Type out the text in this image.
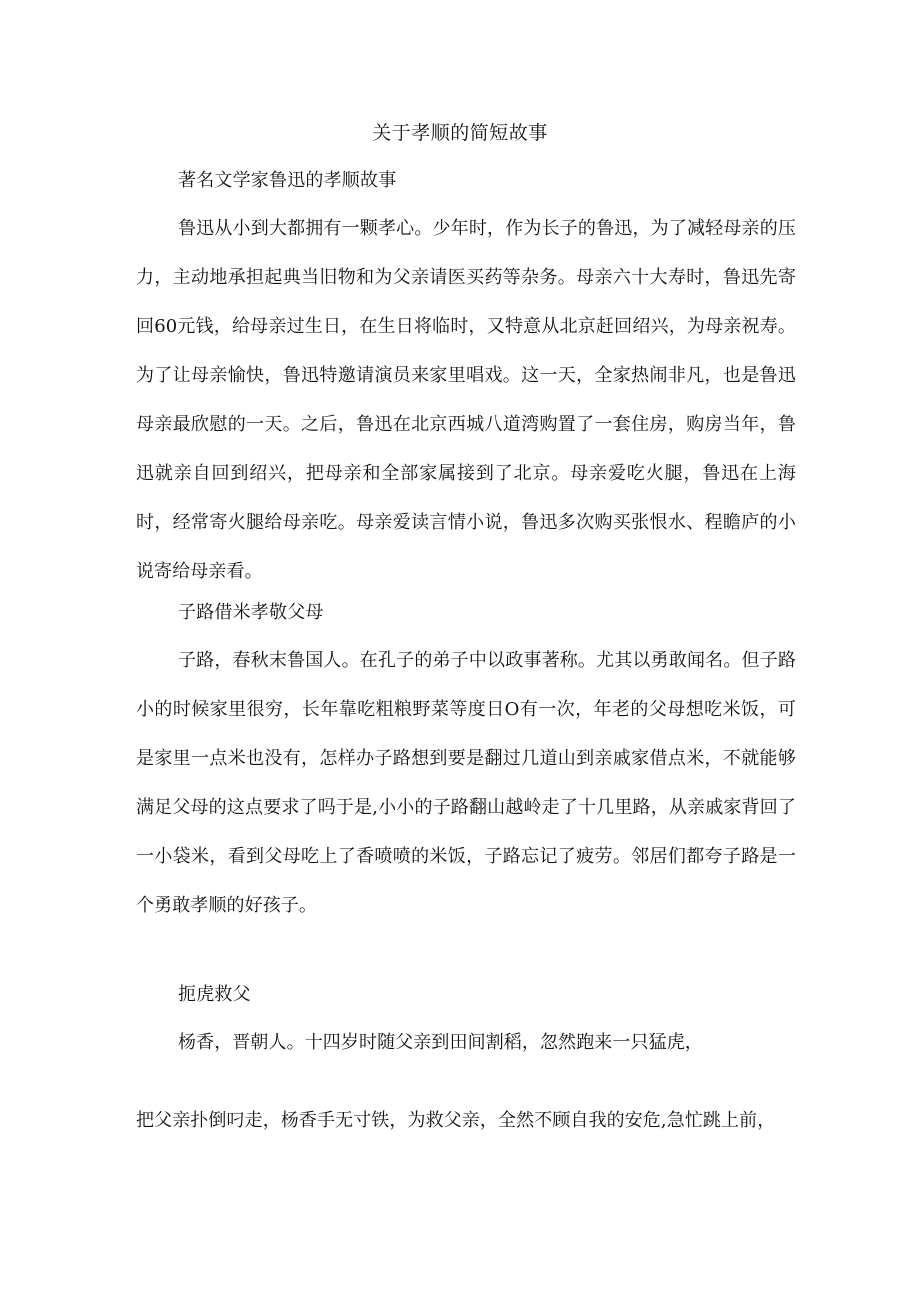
关于孝顺的简短故事
著名文学家鲁迅的孝顺故事
鲁迅从小到大都拥有一颗孝心。少年时，作为长子的鲁迅，为了减轻母亲的压力，主动地承担起典当旧物和为父亲请医买药等杂务。母亲六十大寿时，鲁迅先寄回60元钱，给母亲过生日，在生日将临时，又特意从北京赶回绍兴，为母亲祝寿。为了让母亲愉快，鲁迅特邀请演员来家里唱戏。这一天，全家热闹非凡，也是鲁迅母亲最欣慰的一天。之后，鲁迅在北京西城八道湾购置了一套住房，购房当年，鲁迅就亲自回到绍兴，把母亲和全部家属接到了北京。母亲爱吃火腿，鲁迅在上海时，经常寄火腿给母亲吃。母亲爱读言情小说，鲁迅多次购买张恨水、程瞻庐的小说寄给母亲看。
子路借米孝敬父母
子路，春秋末鲁国人。在孔子的弟子中以政事著称。尤其以勇敢闻名。但子路小的时候家里很穷，长年靠吃粗粮野菜等度日O有一次，年老的父母想吃米饭，可是家里一点米也没有，怎样办子路想到要是翻过几道山到亲戚家借点米，不就能够满足父母的这点要求了吗于是,小小的子路翻山越岭走了十几里路，从亲戚家背回了一小袋米，看到父母吃上了香喷喷的米饭，子路忘记了疲劳。邻居们都夸子路是一个勇敢孝顺的好孩子。
扼虎救父
杨香，晋朝人。十四岁时随父亲到田间割稻，忽然跑来一只猛虎，
把父亲扑倒叼走，杨香手无寸铁，为救父亲，全然不顾自我的安危,急忙跳上前，
